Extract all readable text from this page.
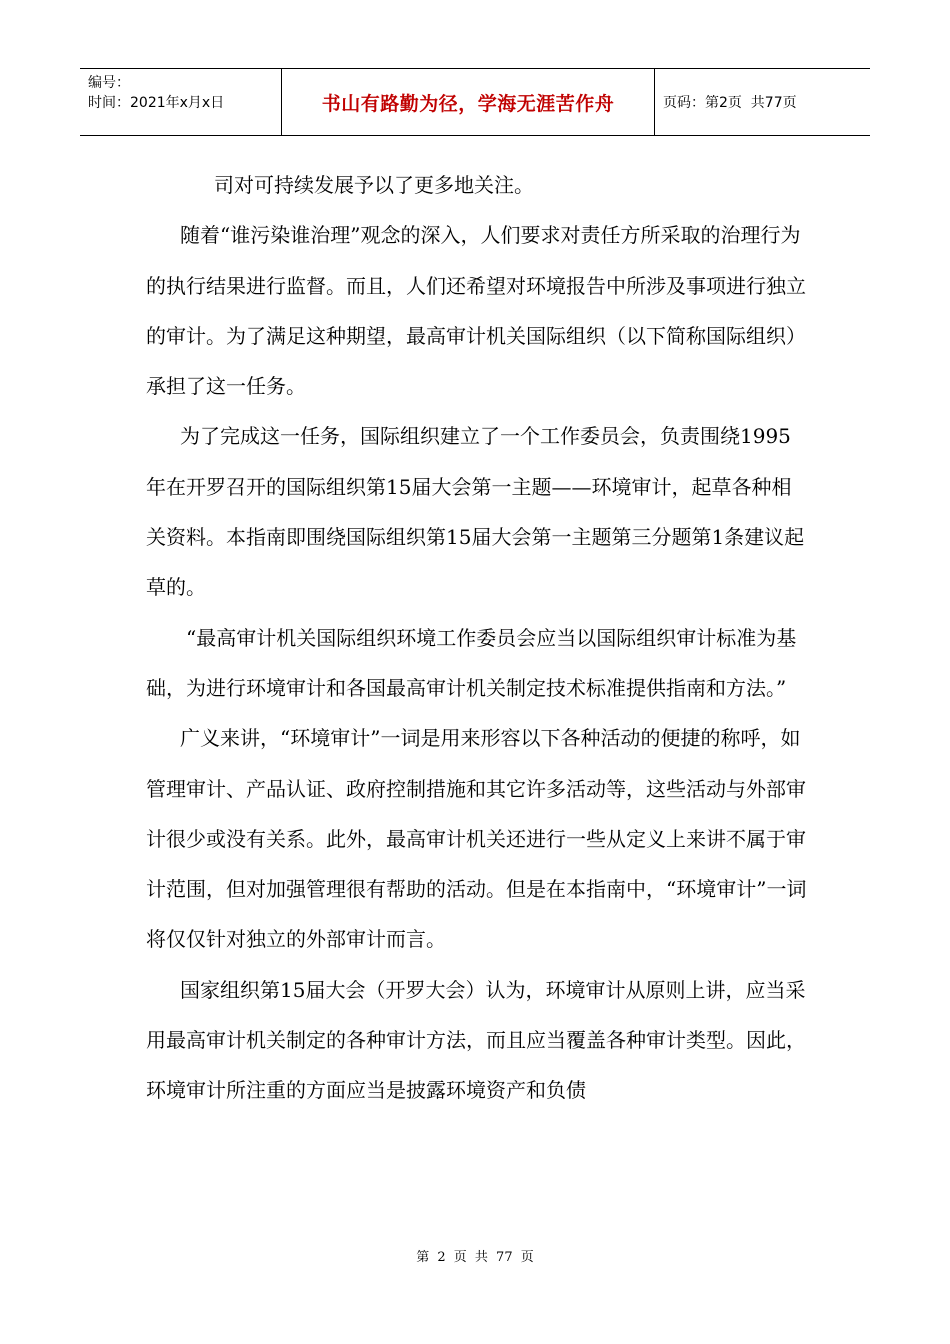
编号：
时间：2021年x月x日	书山有路勤为径，学海无涯苦作舟	页码：第2页  共77页

司对可持续发展予以了更多地关注。

随着“谁污染谁治理”观念的深入，人们要求对责任方所采取的治理行为的执行结果进行监督。而且，人们还希望对环境报告中所涉及事项进行独立的审计。为了满足这种期望，最高审计机关国际组织（以下简称国际组织）承担了这一任务。

为了完成这一任务，国际组织建立了一个工作委员会，负责围绕1995年在开罗召开的国际组织第15届大会第一主题——环境审计，起草各种相关资料。本指南即围绕国际组织第15届大会第一主题第三分题第1条建议起草的。

“最高审计机关国际组织环境工作委员会应当以国际组织审计标准为基础，为进行环境审计和各国最高审计机关制定技术标准提供指南和方法。”

广义来讲，“环境审计”一词是用来形容以下各种活动的便捷的称呼，如管理审计、产品认证、政府控制措施和其它许多活动等，这些活动与外部审计很少或没有关系。此外，最高审计机关还进行一些从定义上来讲不属于审计范围，但对加强管理很有帮助的活动。但是在本指南中，“环境审计”一词将仅仅针对独立的外部审计而言。

国家组织第15届大会（开罗大会）认为，环境审计从原则上讲，应当采用最高审计机关制定的各种审计方法，而且应当覆盖各种审计类型。因此，环境审计所注重的方面应当是披露环境资产和负债

第 2 页 共 77 页
